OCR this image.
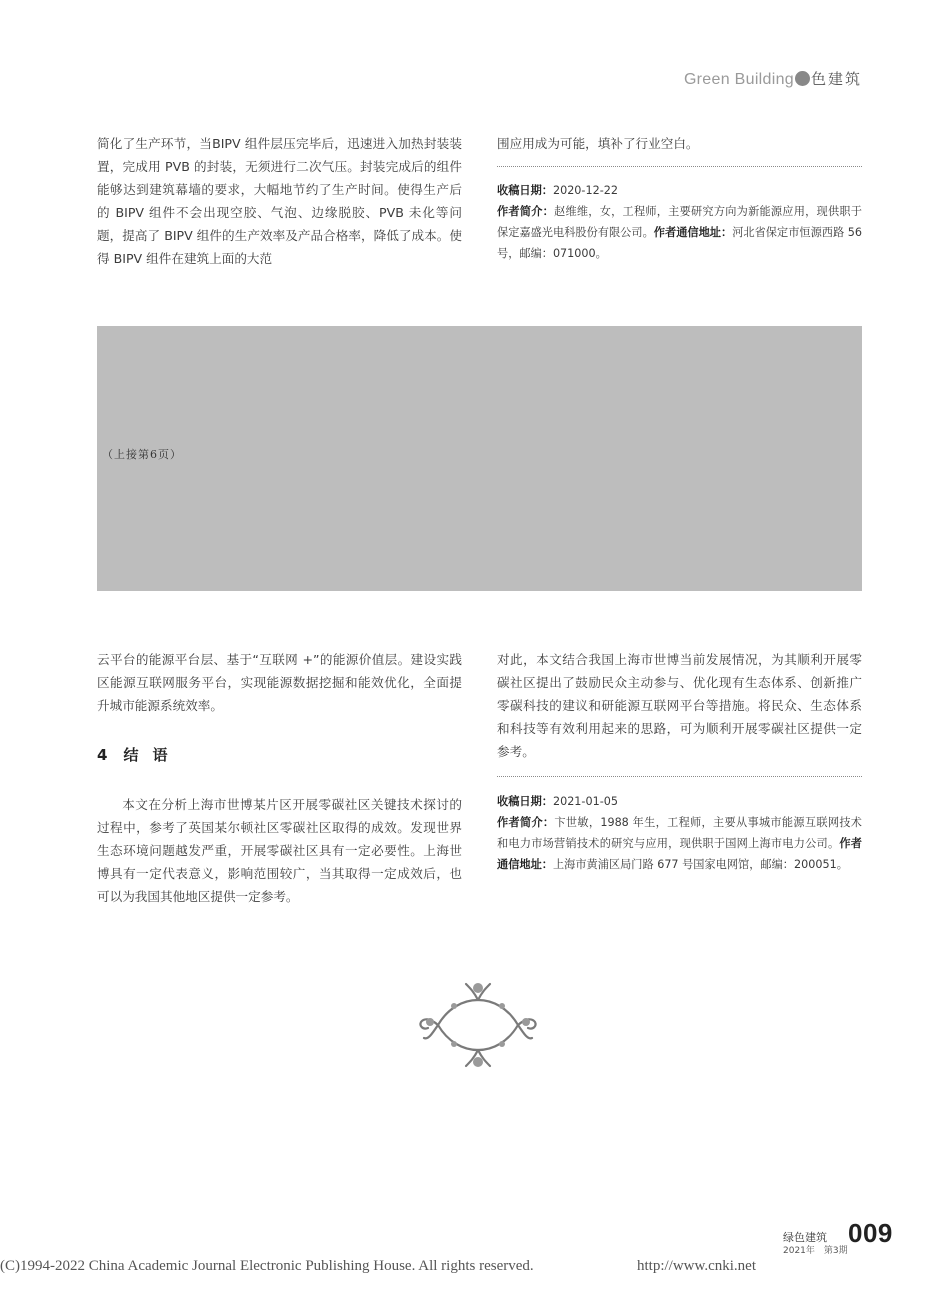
Green Building 色建筑

简化了生产环节，当BIPV 组件层压完毕后，迅速进入加热封装装置，完成用 PVB 的封装，无须进行二次气压。封装完成后的组件能够达到建筑幕墙的要求，大幅地节约了生产时间。使得生产后的 BIPV 组件不会出现空胶、气泡、边缘脱胶、PVB 未化等问题，提高了 BIPV 组件的生产效率及产品合格率，降低了成本。使得 BIPV 组件在建筑上面的大范

围应用成为可能，填补了行业空白。

收稿日期：2020-12-22

作者简介：赵维维，女，工程师，主要研究方向为新能源应用，现供职于保定嘉盛光电科股份有限公司。作者通信地址：河北省保定市恒源西路 56 号，邮编：071000。

（上接第6页）

云平台的能源平台层、基于“互联网 +”的能源价值层。建设实践区能源互联网服务平台，实现能源数据挖掘和能效优化，全面提升城市能源系统效率。

4 结 语

本文在分析上海市世博某片区开展零碳社区关键技术探讨的过程中，参考了英国某尔顿社区零碳社区取得的成效。发现世界生态环境问题越发严重，开展零碳社区具有一定必要性。上海世博具有一定代表意义，影响范围较广，当其取得一定成效后，也可以为我国其他地区提供一定参考。

对此，本文结合我国上海市世博当前发展情况，为其顺利开展零碳社区提出了鼓励民众主动参与、优化现有生态体系、创新推广零碳科技的建议和研能源互联网平台等措施。将民众、生态体系和科技等有效利用起来的思路，可为顺利开展零碳社区提供一定参考。

收稿日期：2021-01-05

作者简介：卞世敏，1988 年生，工程师，主要从事城市能源互联网技术和电力市场营销技术的研究与应用，现供职于国网上海市电力公司。作者通信地址：上海市黄浦区局门路 677 号国家电网馆，邮编：200051。

绿色建筑
2021年　第3期
009
(C)1994-2022 China Academic Journal Electronic Publishing House. All rights reserved.	http://www.cnki.net
